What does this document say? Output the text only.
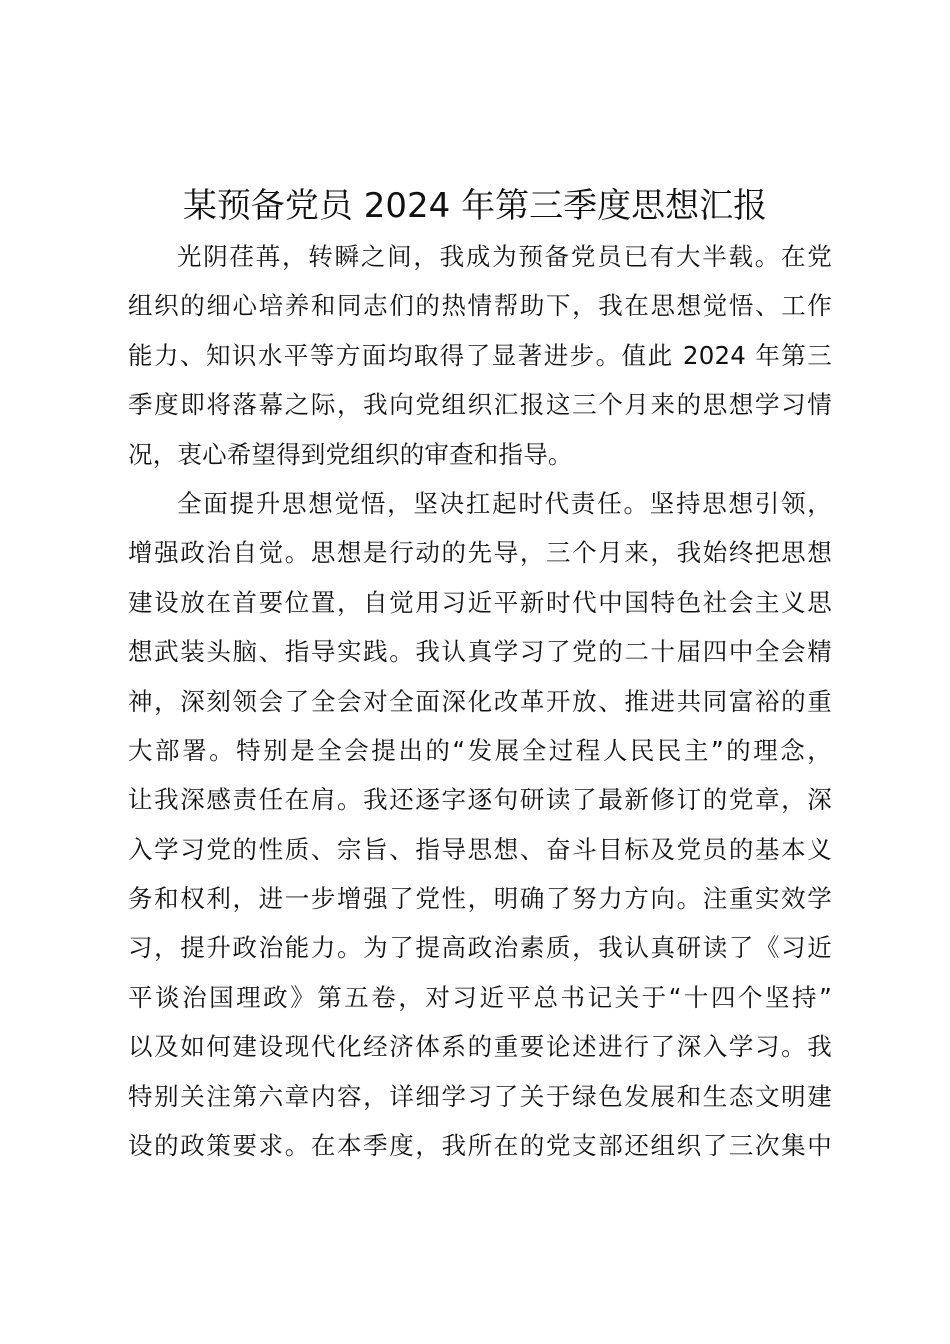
某预备党员 2024 年第三季度思想汇报
光阴荏苒，转瞬之间，我成为预备党员已有大半载。在党
组织的细心培养和同志们的热情帮助下，我在思想觉悟、工作
能力、知识水平等方面均取得了显著进步。值此 2024 年第三
季度即将落幕之际，我向党组织汇报这三个月来的思想学习情
况，衷心希望得到党组织的审查和指导。
全面提升思想觉悟，坚决扛起时代责任。坚持思想引领，
增强政治自觉。思想是行动的先导，三个月来，我始终把思想
建设放在首要位置，自觉用习近平新时代中国特色社会主义思
想武装头脑、指导实践。我认真学习了党的二十届四中全会精
神，深刻领会了全会对全面深化改革开放、推进共同富裕的重
大部署。特别是全会提出的“发展全过程人民民主”的理念，
让我深感责任在肩。我还逐字逐句研读了最新修订的党章，深
入学习党的性质、宗旨、指导思想、奋斗目标及党员的基本义
务和权利，进一步增强了党性，明确了努力方向。注重实效学
习，提升政治能力。为了提高政治素质，我认真研读了《习近
平谈治国理政》第五卷，对习近平总书记关于“十四个坚持”
以及如何建设现代化经济体系的重要论述进行了深入学习。我
特别关注第六章内容，详细学习了关于绿色发展和生态文明建
设的政策要求。在本季度，我所在的党支部还组织了三次集中
